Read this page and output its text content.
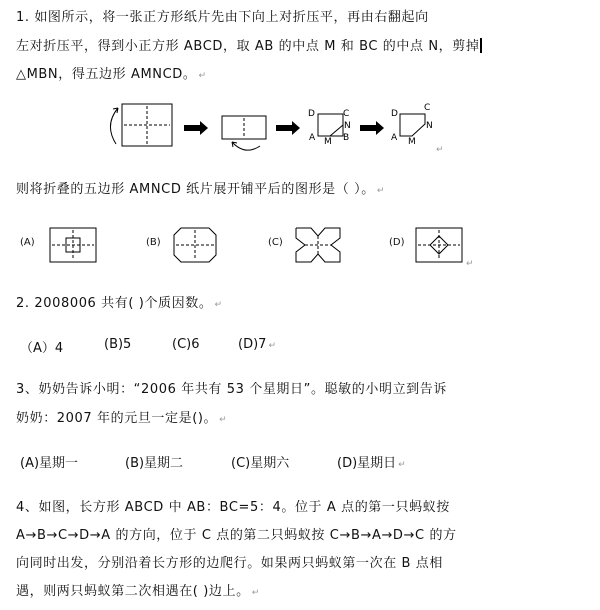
1. 如图所示，将一张正方形纸片先由下向上对折压平，再由右翻起向
左对折压平，得到小正方形 ABCD，取 AB 的中点 M 和 BC 的中点 N，剪掉
△MBN，得五边形 AMNCD。 ↵
D	C
N
A M B
D
C
N
A M
↵
↵
则将折叠的五边形 AMNCD 纸片展开铺平后的图形是（ ）。 ↵
(A)	(B)	(C)	(D)
2. 2008006 共有( )个质因数。 ↵
（A）4	(B)5	(C)6	(D)7 ↵
3、奶奶告诉小明：“2006 年共有 53 个星期日”。聪敏的小明立到告诉
奶奶：2007 年的元旦一定是()。 ↵
(A)星期一	(B)星期二	(C)星期六	(D)星期日 ↵
4、如图，长方形 ABCD 中 AB：BC=5：4。位于 A 点的第一只蚂蚁按
A→B→C→D→A 的方向，位于 C 点的第二只蚂蚁按 C→B→A→D→C 的方
向同时出发，分别沿着长方形的边爬行。如果两只蚂蚁第一次在 B 点相
遇，则两只蚂蚁第二次相遇在( )边上。 ↵
